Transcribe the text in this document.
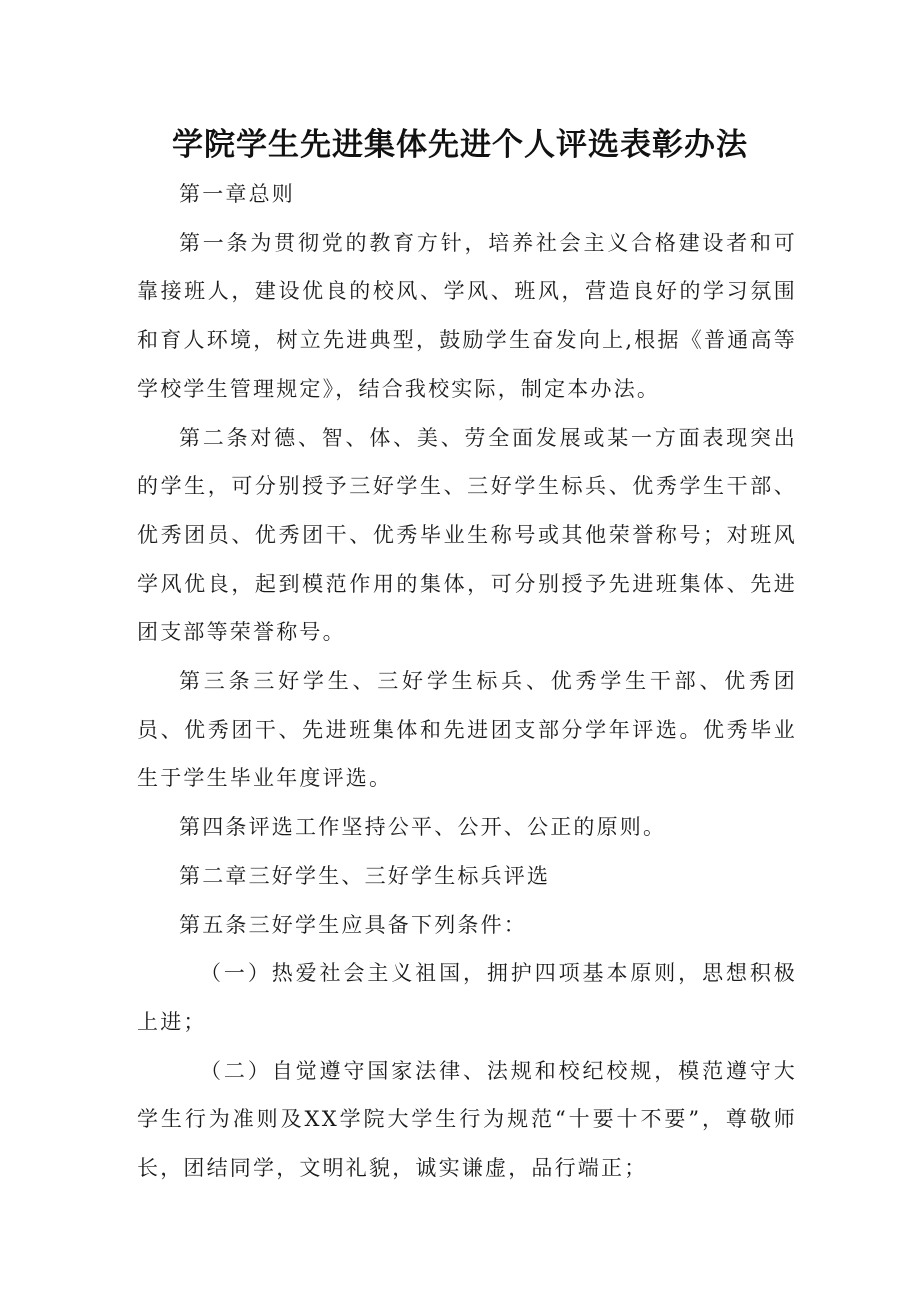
学院学生先进集体先进个人评选表彰办法

第一章总则

第一条为贯彻党的教育方针，培养社会主义合格建设者和可靠接班人，建设优良的校风、学风、班风，营造良好的学习氛围和育人环境，树立先进典型，鼓励学生奋发向上,根据《普通高等学校学生管理规定》，结合我校实际，制定本办法。

第二条对德、智、体、美、劳全面发展或某一方面表现突出的学生，可分别授予三好学生、三好学生标兵、优秀学生干部、优秀团员、优秀团干、优秀毕业生称号或其他荣誉称号；对班风学风优良，起到模范作用的集体，可分别授予先进班集体、先进团支部等荣誉称号。

第三条三好学生、三好学生标兵、优秀学生干部、优秀团员、优秀团干、先进班集体和先进团支部分学年评选。优秀毕业生于学生毕业年度评选。

第四条评选工作坚持公平、公开、公正的原则。

第二章三好学生、三好学生标兵评选

第五条三好学生应具备下列条件：

（一）热爱社会主义祖国，拥护四项基本原则，思想积极上进；

（二）自觉遵守国家法律、法规和校纪校规，模范遵守大学生行为准则及XX学院大学生行为规范“十要十不要”，尊敬师长，团结同学，文明礼貌，诚实谦虚，品行端正；
